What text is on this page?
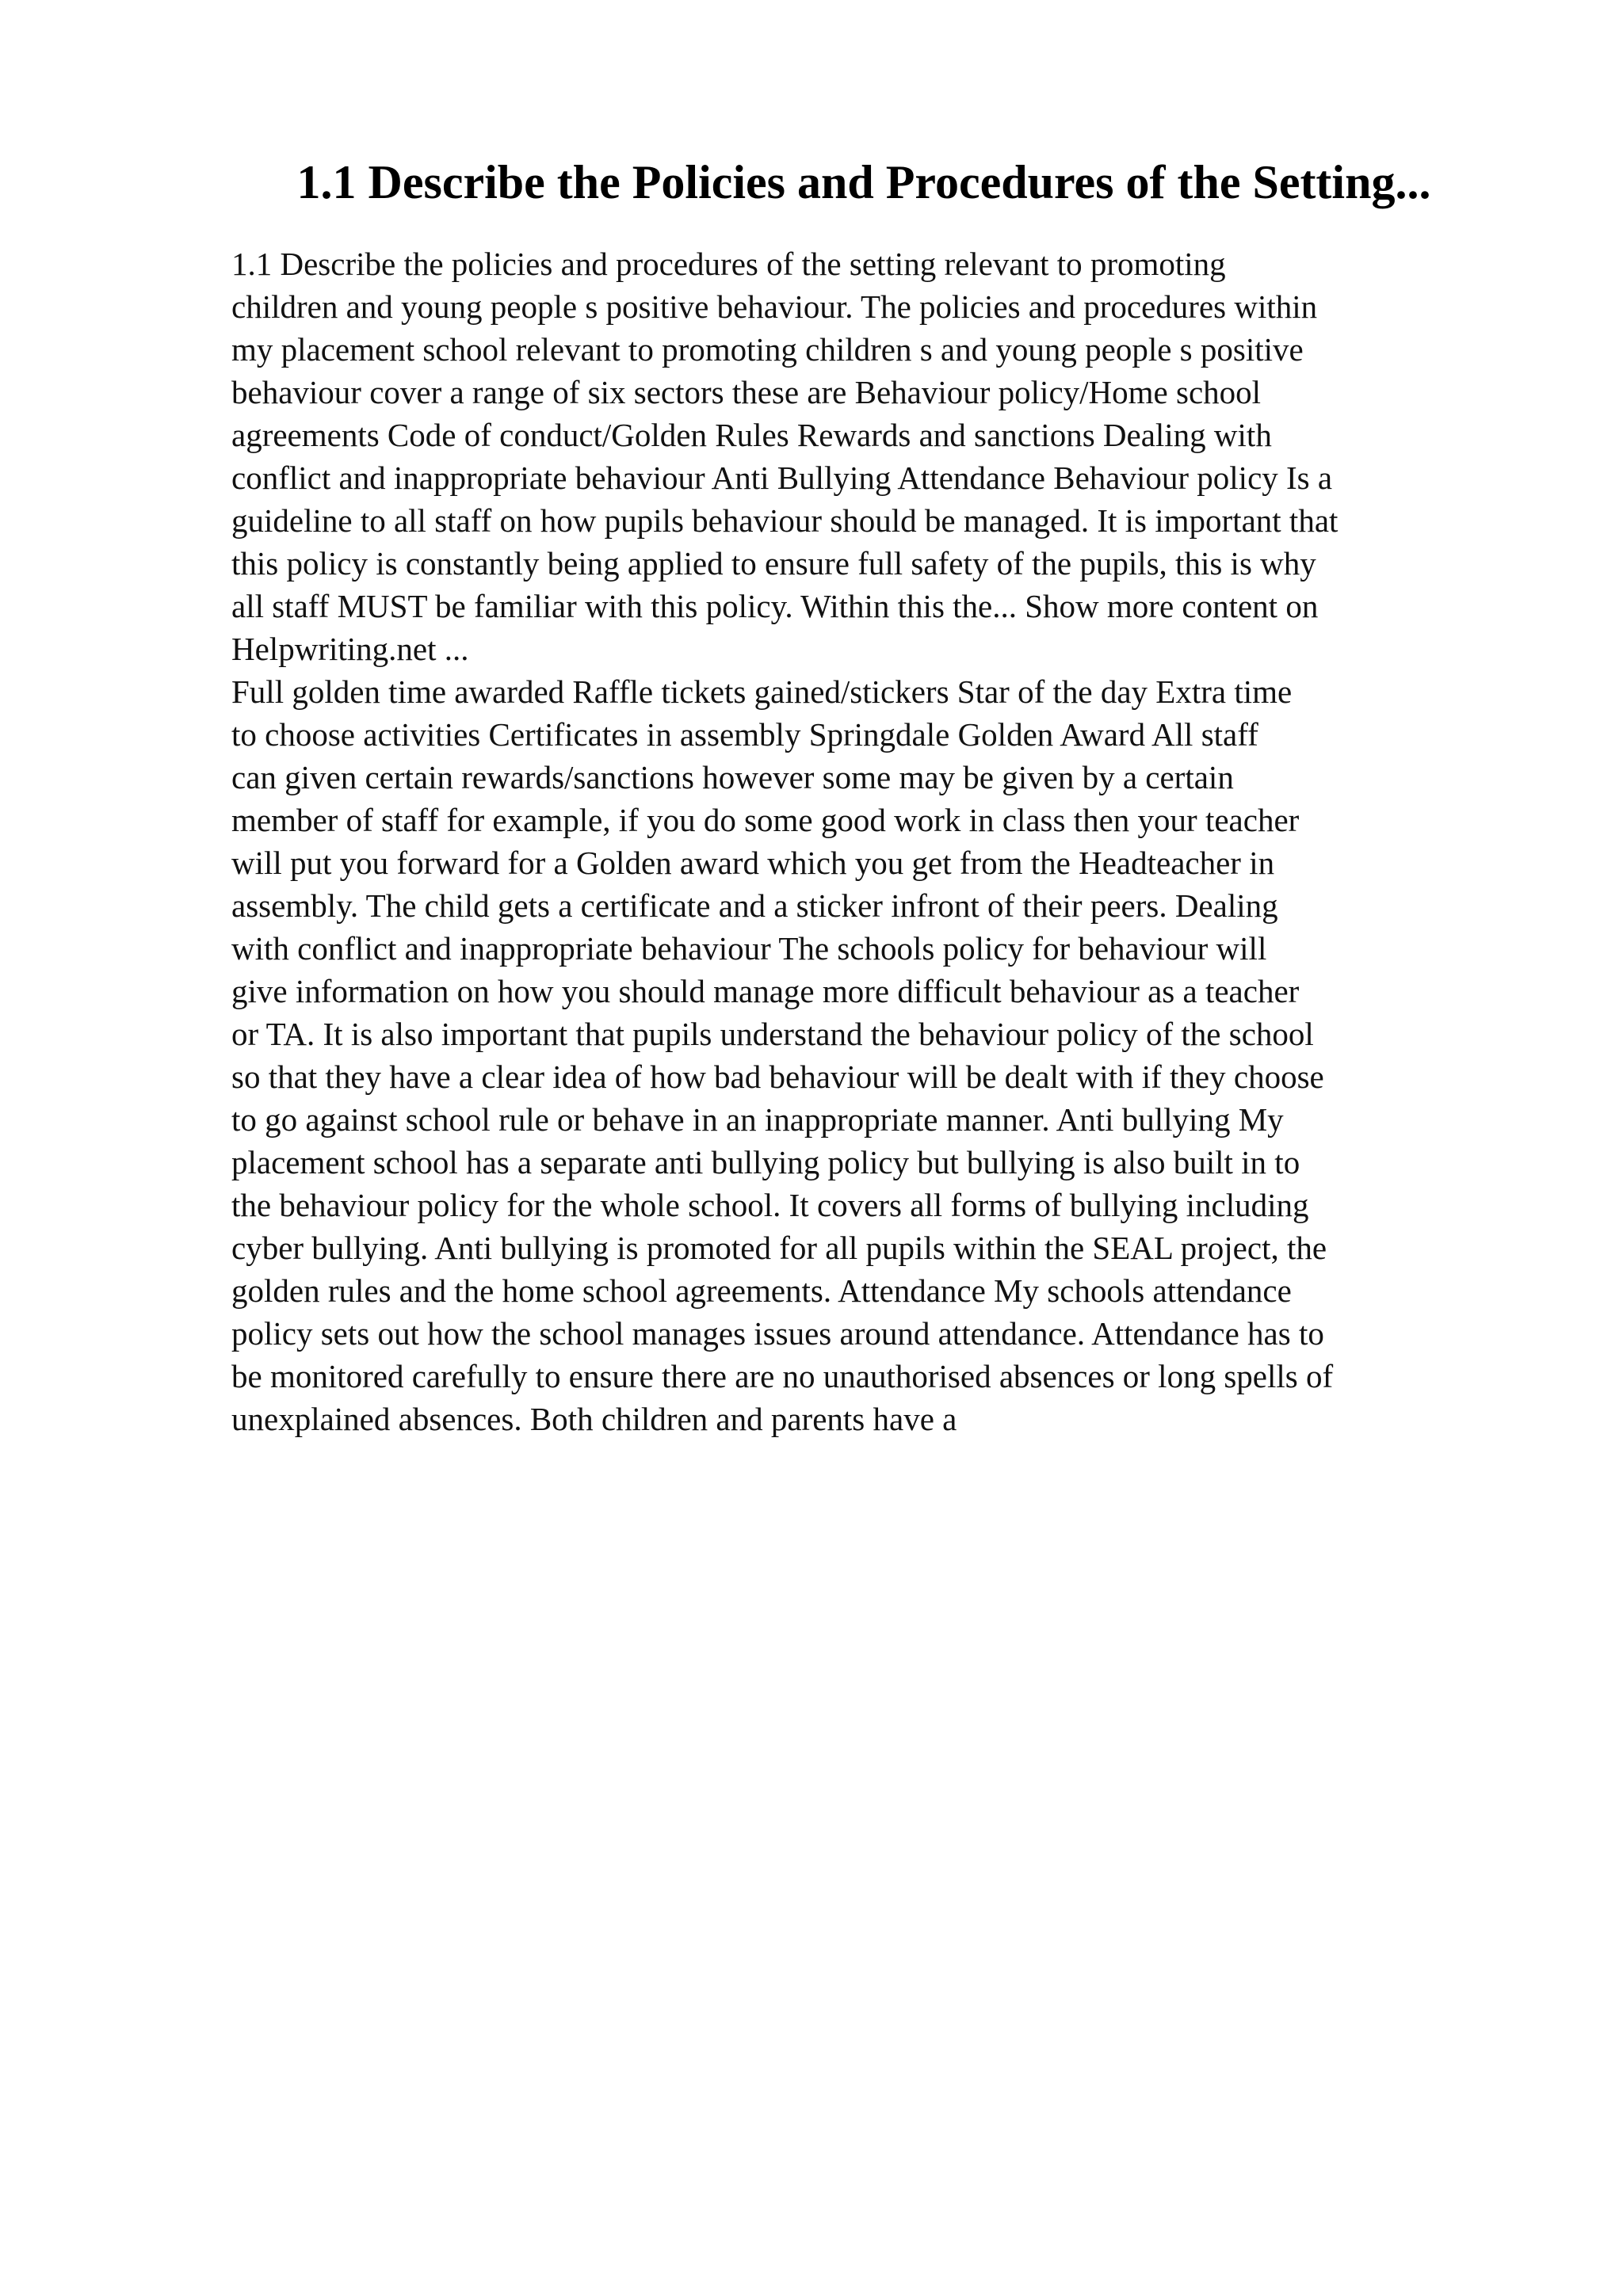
1.1 Describe the Policies and Procedures of the Setting...
1.1 Describe the policies and procedures of the setting relevant to promoting
children and young people s positive behaviour. The policies and procedures within
my placement school relevant to promoting children s and young people s positive
behaviour cover a range of six sectors these are Behaviour policy/Home school
agreements Code of conduct/Golden Rules Rewards and sanctions Dealing with
conflict and inappropriate behaviour Anti Bullying Attendance Behaviour policy Is a
guideline to all staff on how pupils behaviour should be managed. It is important that
this policy is constantly being applied to ensure full safety of the pupils, this is why
all staff MUST be familiar with this policy. Within this the... Show more content on
Helpwriting.net ...
Full golden time awarded Raffle tickets gained/stickers Star of the day Extra time
to choose activities Certificates in assembly Springdale Golden Award All staff
can given certain rewards/sanctions however some may be given by a certain
member of staff for example, if you do some good work in class then your teacher
will put you forward for a Golden award which you get from the Headteacher in
assembly. The child gets a certificate and a sticker infront of their peers. Dealing
with conflict and inappropriate behaviour The schools policy for behaviour will
give information on how you should manage more difficult behaviour as a teacher
or TA. It is also important that pupils understand the behaviour policy of the school
so that they have a clear idea of how bad behaviour will be dealt with if they choose
to go against school rule or behave in an inappropriate manner. Anti bullying My
placement school has a separate anti bullying policy but bullying is also built in to
the behaviour policy for the whole school. It covers all forms of bullying including
cyber bullying. Anti bullying is promoted for all pupils within the SEAL project, the
golden rules and the home school agreements. Attendance My schools attendance
policy sets out how the school manages issues around attendance. Attendance has to
be monitored carefully to ensure there are no unauthorised absences or long spells of
unexplained absences. Both children and parents have a
